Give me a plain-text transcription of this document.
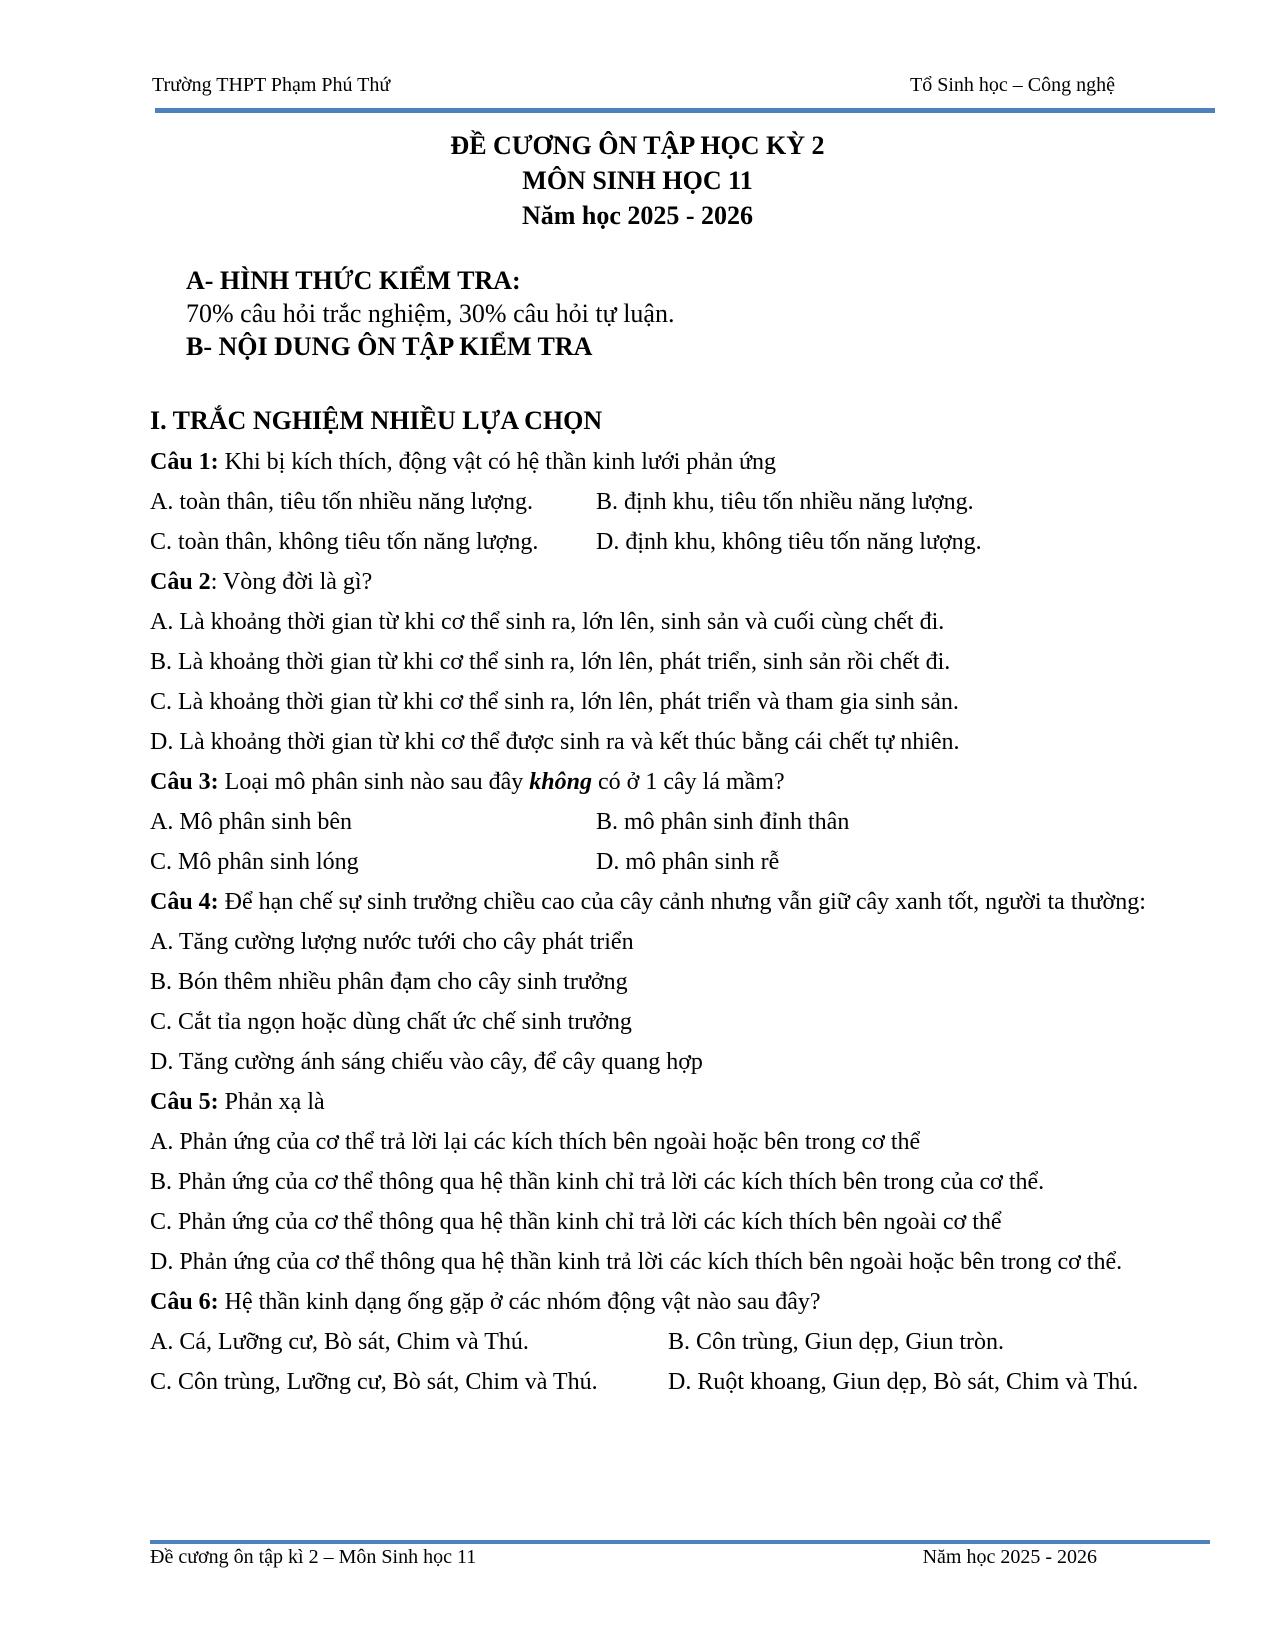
Trường THPT Phạm Phú Thứ	Tổ Sinh học – Công nghệ
ĐỀ CƯƠNG ÔN TẬP HỌC KỲ 2
MÔN SINH HỌC 11
Năm học 2025 - 2026
A- HÌNH THỨC KIỂM TRA:
70% câu hỏi trắc nghiệm, 30% câu hỏi tự luận.
B- NỘI DUNG ÔN TẬP KIỂM TRA
I. TRẮC NGHIỆM NHIỀU LỰA CHỌN
Câu 1: Khi bị kích thích, động vật có hệ thần kinh lưới phản ứng
A. toàn thân, tiêu tốn nhiều năng lượng.	B. định khu, tiêu tốn nhiều năng lượng.
C. toàn thân, không tiêu tốn năng lượng.	D. định khu, không tiêu tốn năng lượng.
Câu 2: Vòng đời là gì?
A. Là khoảng thời gian từ khi cơ thể sinh ra, lớn lên, sinh sản và cuối cùng chết đi.
B. Là khoảng thời gian từ khi cơ thể sinh ra, lớn lên, phát triển, sinh sản rồi chết đi.
C. Là khoảng thời gian từ khi cơ thể sinh ra, lớn lên, phát triển và tham gia sinh sản.
D. Là khoảng thời gian từ khi cơ thể được sinh ra và kết thúc bằng cái chết tự nhiên.
Câu 3: Loại mô phân sinh nào sau đây không có ở 1 cây lá mầm?
A. Mô phân sinh bên	B. mô phân sinh đỉnh thân
C. Mô phân sinh lóng	D. mô phân sinh rễ
Câu 4: Để hạn chế sự sinh trưởng chiều cao của cây cảnh nhưng vẫn giữ cây xanh tốt, người ta thường:
A. Tăng cường lượng nước tưới cho cây phát triển
B. Bón thêm nhiều phân đạm cho cây sinh trưởng
C. Cắt tỉa ngọn hoặc dùng chất ức chế sinh trưởng
D. Tăng cường ánh sáng chiếu vào cây, để cây quang hợp
Câu 5: Phản xạ là
A. Phản ứng của cơ thể trả lời lại các kích thích bên ngoài hoặc bên trong cơ thể
B. Phản ứng của cơ thể thông qua hệ thần kinh chỉ trả lời các kích thích bên trong của cơ thể.
C. Phản ứng của cơ thể thông qua hệ thần kinh chỉ trả lời các kích thích bên ngoài cơ thể
D. Phản ứng của cơ thể thông qua hệ thần kinh trả lời các kích thích bên ngoài hoặc bên trong cơ thể.
Câu 6: Hệ thần kinh dạng ống gặp ở các nhóm động vật nào sau đây?
A. Cá, Lưỡng cư, Bò sát, Chim và Thú.	B. Côn trùng, Giun dẹp, Giun tròn.
C. Côn trùng, Lưỡng cư, Bò sát, Chim và Thú.	D. Ruột khoang, Giun dẹp, Bò sát, Chim và Thú.
Đề cương ôn tập kì 2 – Môn Sinh học 11	Năm học 2025 - 2026
